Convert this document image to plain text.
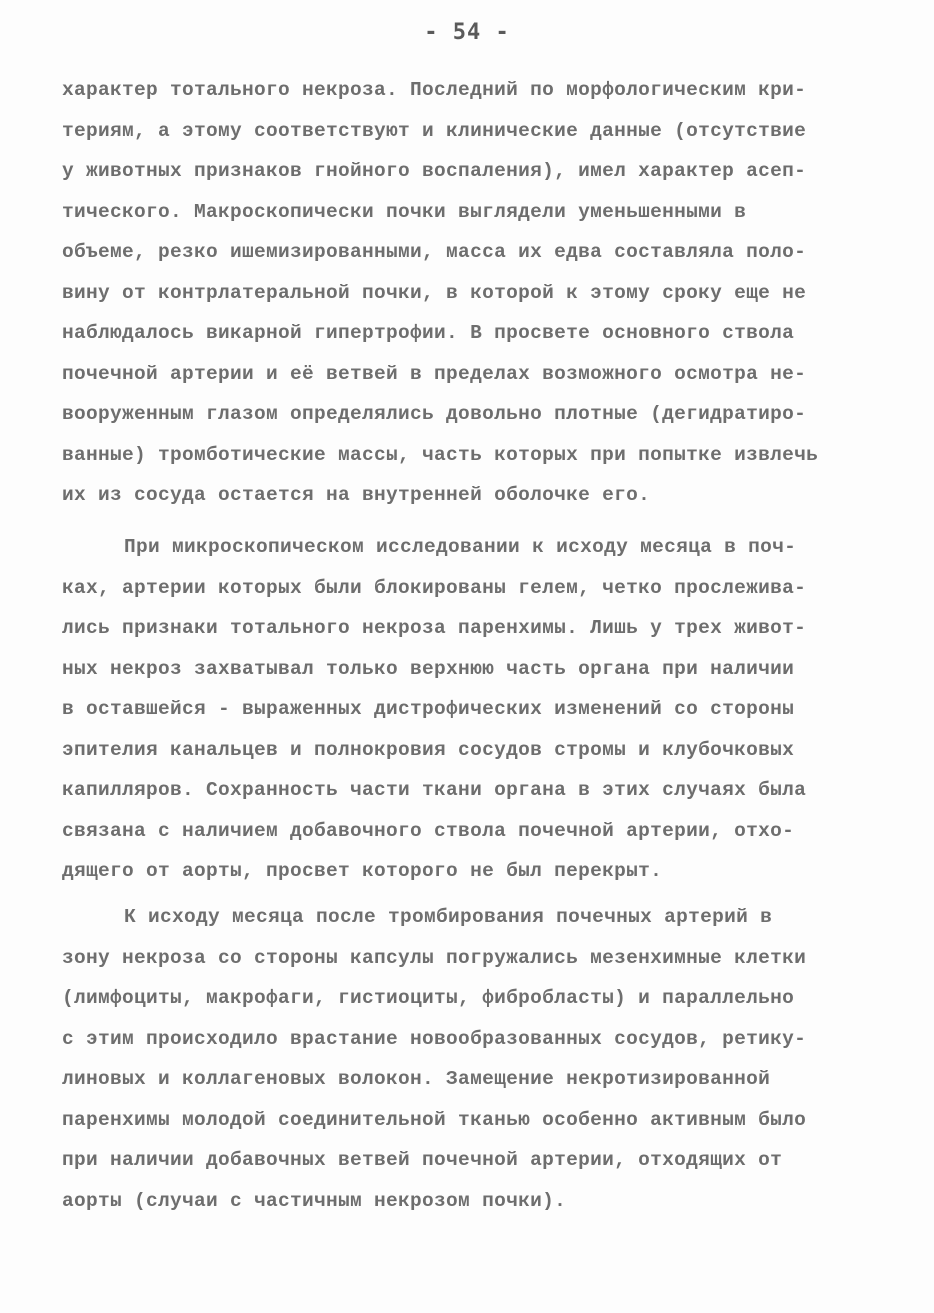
- 54 -
характер тотального некроза. Последний по морфологическим кри-
териям, а этому соответствуют и клинические данные (отсутствие
у животных признаков гнойного воспаления), имел характер асеп-
тического. Макроскопически почки выглядели уменьшенными в
объеме, резко ишемизированными, масса их едва составляла поло-
вину от контрлатеральной почки, в которой к этому сроку еще не
наблюдалось викарной гипертрофии. В просвете основного ствола
почечной артерии и её ветвей в пределах возможного осмотра не-
вооруженным глазом определялись довольно плотные (дегидратиро-
ванные) тромботические массы, часть которых при попытке извлечь
их из сосуда остается на внутренней оболочке его.
При микроскопическом исследовании к исходу месяца в поч-
ках, артерии которых были блокированы гелем, четко прослежива-
лись признаки тотального некроза паренхимы. Лишь у трех живот-
ных некроз захватывал только верхнюю часть органа при наличии
в оставшейся - выраженных дистрофических изменений со стороны
эпителия канальцев и полнокровия сосудов стромы и клубочковых
капилляров. Сохранность части ткани органа в этих случаях была
связана с наличием добавочного ствола почечной артерии, отхо-
дящего от аорты, просвет которого не был перекрыт.
К исходу месяца после тромбирования почечных артерий в
зону некроза со стороны капсулы погружались мезенхимные клетки
(лимфоциты, макрофаги, гистиоциты, фибробласты) и параллельно
с этим происходило врастание новообразованных сосудов, ретику-
линовых и коллагеновых волокон. Замещение некротизированной
паренхимы молодой соединительной тканью особенно активным было
при наличии добавочных ветвей почечной артерии, отходящих от
аорты (случаи с частичным некрозом почки).
